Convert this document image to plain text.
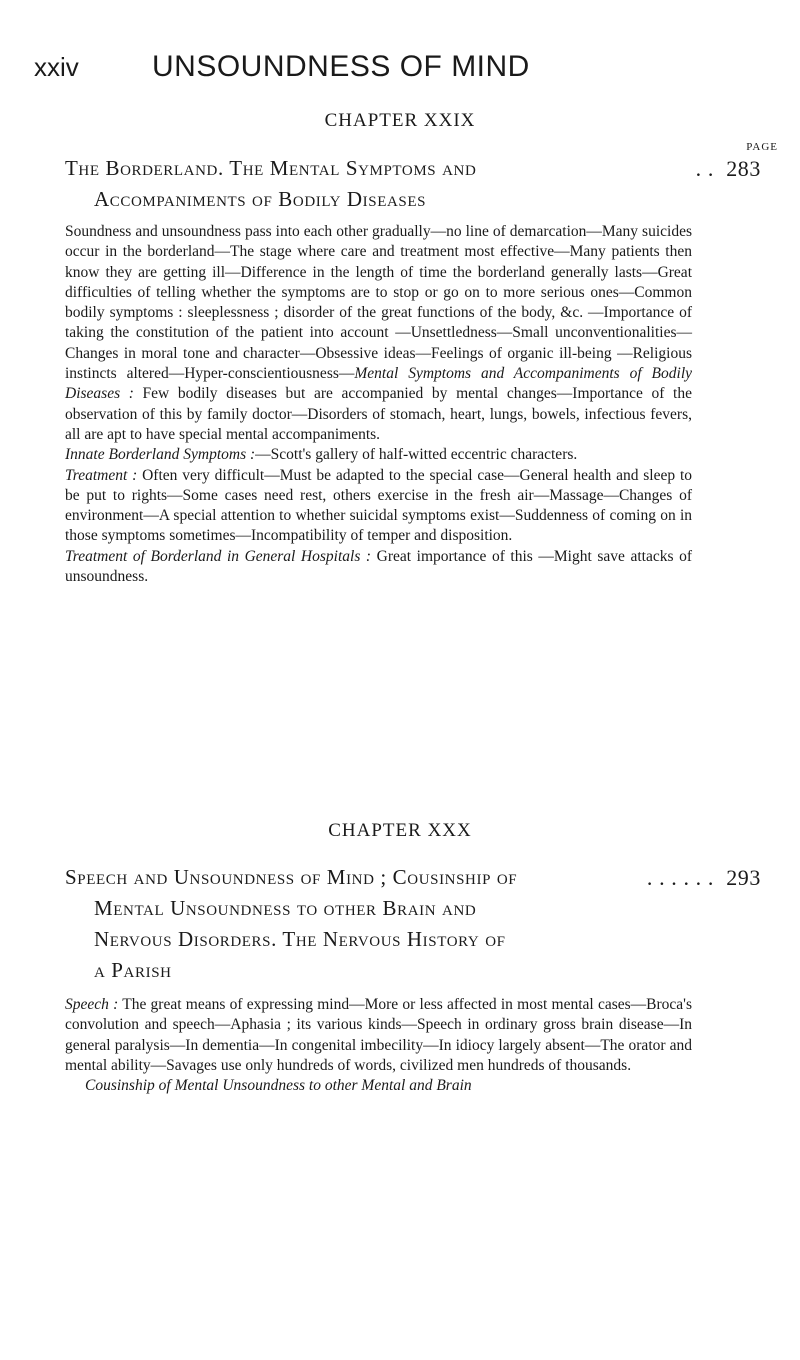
xxiv UNSOUNDNESS OF MIND
CHAPTER XXIX
PAGE
The Borderland. The Mental Symptoms and
Accompaniments of Bodily Diseases
. . 283

Soundness and unsoundness pass into each other gradually—no line of demarcation—Many suicides occur in the borderland—The stage where care and treatment most effective—Many patients then know they are getting ill—Difference in the length of time the borderland generally lasts—Great difficulties of telling whether the symptoms are to stop or go on to more serious ones—Common bodily symptoms : sleeplessness ; disorder of the great functions of the body, &c. —Importance of taking the constitution of the patient into account —Unsettledness—Small unconventionalities—Changes in moral tone and character—Obsessive ideas—Feelings of organic ill-being —Religious instincts altered—Hyper-conscientiousness—Mental Symptoms and Accompaniments of Bodily Diseases : Few bodily diseases but are accompanied by mental changes—Importance of the observation of this by family doctor—Disorders of stomach, heart, lungs, bowels, infectious fevers, all are apt to have special mental accompaniments.

Innate Borderland Symptoms :—Scott's gallery of half-witted eccentric characters.

Treatment : Often very difficult—Must be adapted to the special case—General health and sleep to be put to rights—Some cases need rest, others exercise in the fresh air—Massage—Changes of environment—A special attention to whether suicidal symptoms exist—Suddenness of coming on in those symptoms sometimes—Incompatibility of temper and disposition.

Treatment of Borderland in General Hospitals : Great importance of this —Might save attacks of unsoundness.

CHAPTER XXX
Speech and Unsoundness of Mind ; Cousinship of
Mental Unsoundness to other Brain and
Nervous Disorders. The Nervous History of
a Parish
. . . . . . 293

Speech : The great means of expressing mind—More or less affected in most mental cases—Broca's convolution and speech—Aphasia ; its various kinds—Speech in ordinary gross brain disease—In general paralysis—In dementia—In congenital imbecility—In idiocy largely absent—The orator and mental ability—Savages use only hundreds of words, civilized men hundreds of thousands.

Cousinship of Mental Unsoundness to other Mental and Brain
